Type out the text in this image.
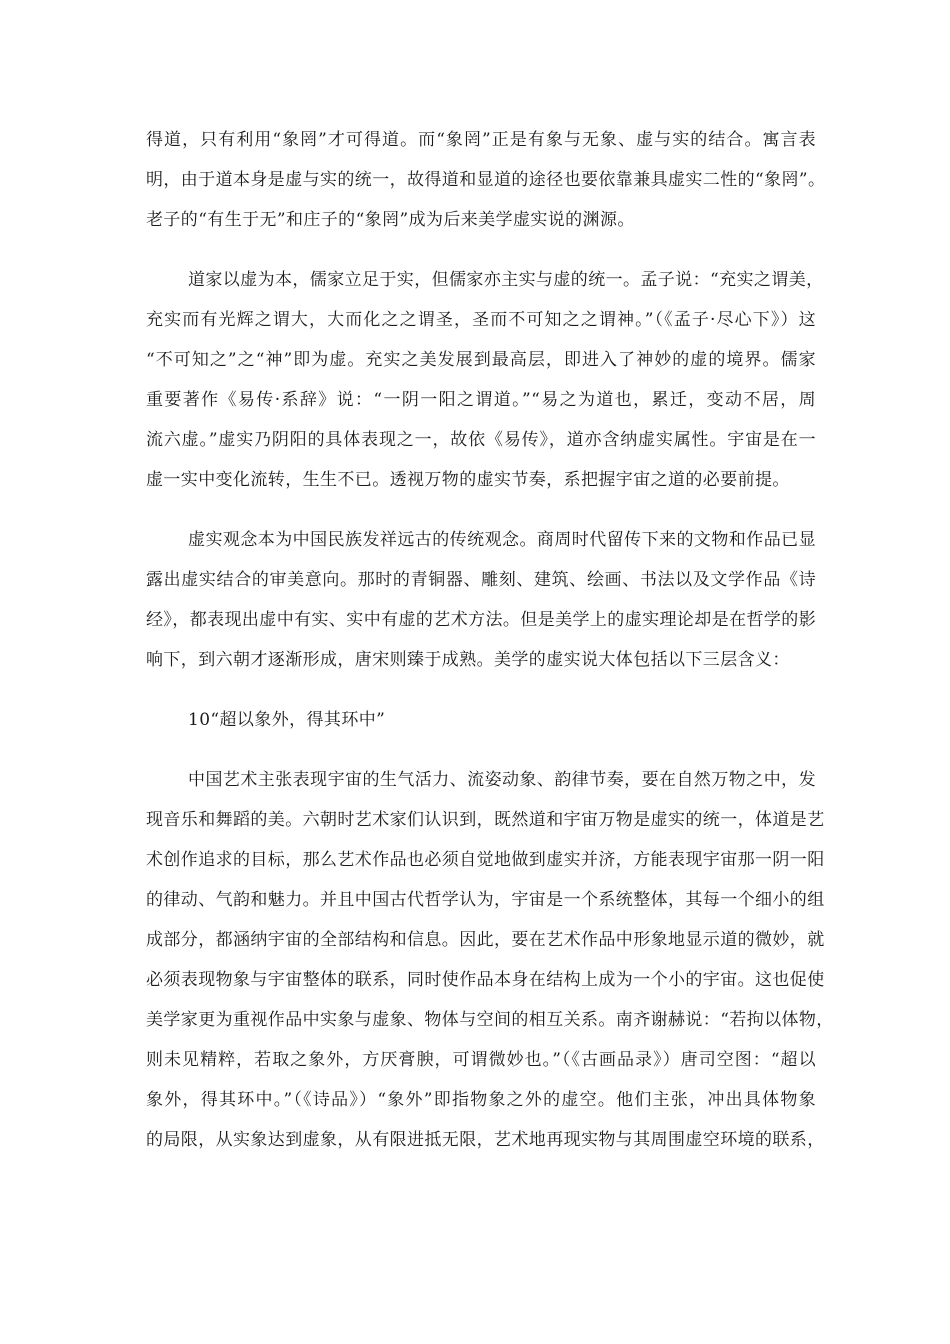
得道，只有利用“象罔”才可得道。而“象罔”正是有象与无象、虚与实的结合。寓言表
明，由于道本身是虚与实的统一，故得道和显道的途径也要依靠兼具虚实二性的“象罔”。
老子的“有生于无”和庄子的“象罔”成为后来美学虚实说的渊源。
道家以虚为本，儒家立足于实，但儒家亦主实与虚的统一。孟子说：“充实之谓美，
充实而有光辉之谓大，大而化之之谓圣，圣而不可知之之谓神。”（《孟子·尽心下》）这
“不可知之”之“神”即为虚。充实之美发展到最高层，即进入了神妙的虚的境界。儒家
重要著作《易传·系辞》说：“一阴一阳之谓道。”“易之为道也，累迁，变动不居，周
流六虚。”虚实乃阴阳的具体表现之一，故依《易传》，道亦含纳虚实属性。宇宙是在一
虚一实中变化流转，生生不已。透视万物的虚实节奏，系把握宇宙之道的必要前提。
虚实观念本为中国民族发祥远古的传统观念。商周时代留传下来的文物和作品已显
露出虚实结合的审美意向。那时的青铜器、雕刻、建筑、绘画、书法以及文学作品《诗
经》，都表现出虚中有实、实中有虚的艺术方法。但是美学上的虚实理论却是在哲学的影
响下，到六朝才逐渐形成，唐宋则臻于成熟。美学的虚实说大体包括以下三层含义：
10“超以象外，得其环中”
中国艺术主张表现宇宙的生气活力、流姿动象、韵律节奏，要在自然万物之中，发
现音乐和舞蹈的美。六朝时艺术家们认识到，既然道和宇宙万物是虚实的统一，体道是艺
术创作追求的目标，那么艺术作品也必须自觉地做到虚实并济，方能表现宇宙那一阴一阳
的律动、气韵和魅力。并且中国古代哲学认为，宇宙是一个系统整体，其每一个细小的组
成部分，都涵纳宇宙的全部结构和信息。因此，要在艺术作品中形象地显示道的微妙，就
必须表现物象与宇宙整体的联系，同时使作品本身在结构上成为一个小的宇宙。这也促使
美学家更为重视作品中实象与虚象、物体与空间的相互关系。南齐谢赫说：“若拘以体物，
则未见精粹，若取之象外，方厌膏腴，可谓微妙也。”（《古画品录》）唐司空图：“超以
象外，得其环中。”（《诗品》）“象外”即指物象之外的虚空。他们主张，冲出具体物象
的局限，从实象达到虚象，从有限进抵无限，艺术地再现实物与其周围虚空环境的联系，
